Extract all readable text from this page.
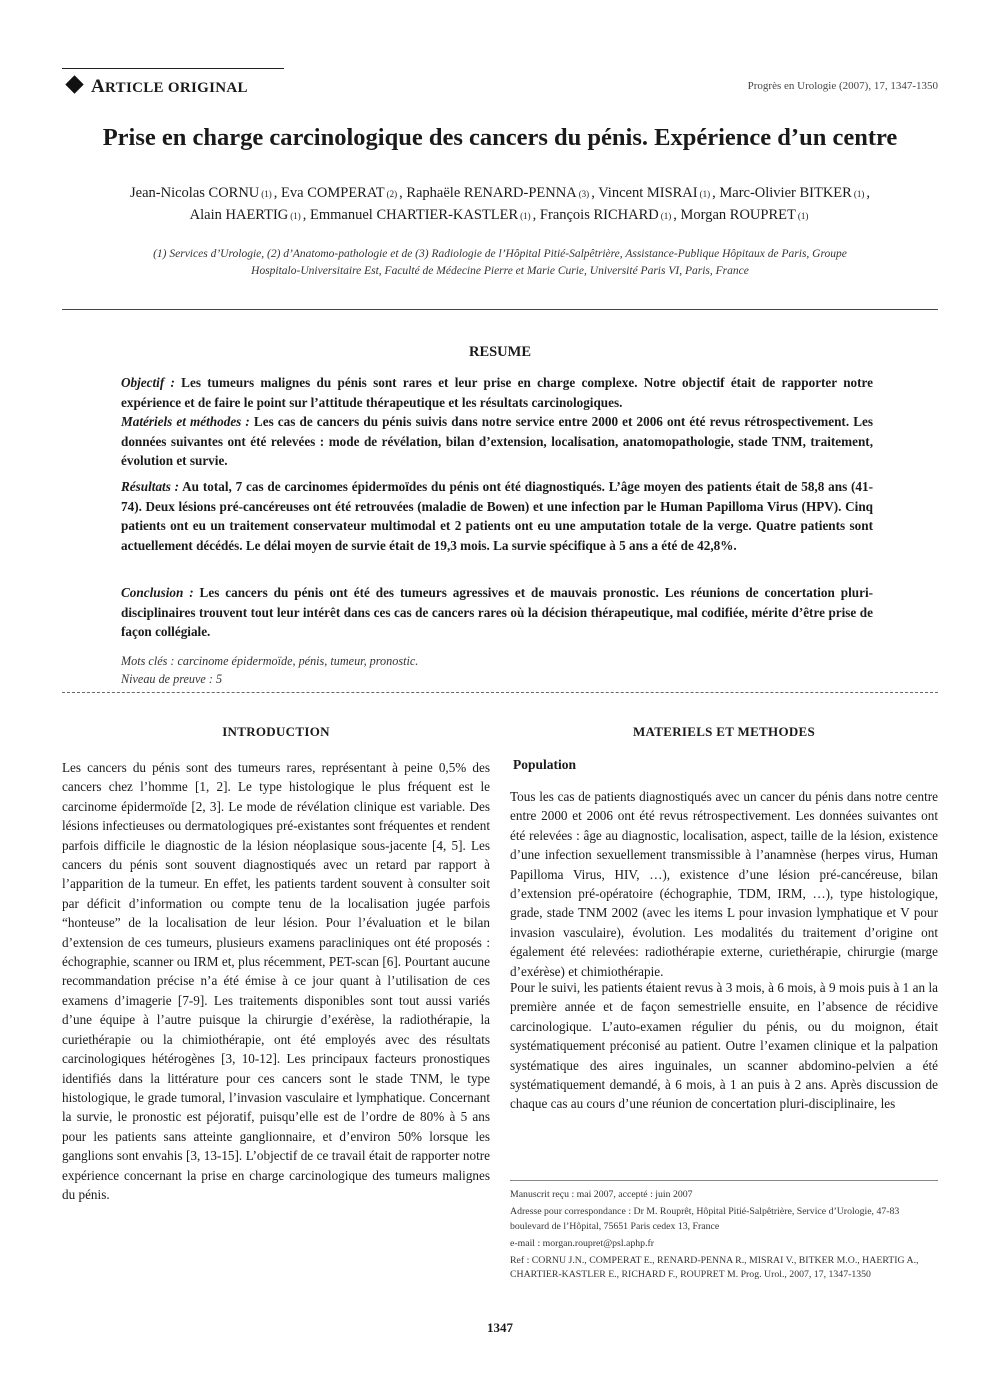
ARTICLE ORIGINAL	Progrès en Urologie (2007), 17, 1347-1350
Prise en charge carcinologique des cancers du pénis. Expérience d’un centre
Jean-Nicolas CORNU (1) , Eva COMPERAT (2) , Raphaële RENARD-PENNA (3) , Vincent MISRAI (1) , Marc-Olivier BITKER (1) ,
Alain HAERTIG (1) , Emmanuel CHARTIER-KASTLER (1) , François RICHARD (1) , Morgan ROUPRET (1)
(1) Services d’Urologie, (2) d’Anatomo-pathologie et de (3) Radiologie de l’Hôpital Pitié-Salpêtrière, Assistance-Publique Hôpitaux de Paris, Groupe
Hospitalo-Universitaire Est, Faculté de Médecine Pierre et Marie Curie, Université Paris VI, Paris, France
RESUME
Objectif : Les tumeurs malignes du pénis sont rares et leur prise en charge complexe. Notre objectif était de rapporter notre expérience et de faire le point sur l’attitude thérapeutique et les résultats carcinologiques.
Matériels et méthodes : Les cas de cancers du pénis suivis dans notre service entre 2000 et 2006 ont été revus rétrospectivement. Les données suivantes ont été relevées : mode de révélation, bilan d’extension, localisation, anatomopathologie, stade TNM, traitement, évolution et survie.
Résultats : Au total, 7 cas de carcinomes épidermoïdes du pénis ont été diagnostiqués. L’âge moyen des patients était de 58,8 ans (41-74). Deux lésions pré-cancéreuses ont été retrouvées (maladie de Bowen) et une infection par le Human Papilloma Virus (HPV). Cinq patients ont eu un traitement conservateur multimodal et 2 patients ont eu une amputation totale de la verge. Quatre patients sont actuellement décédés. Le délai moyen de survie était de 19,3 mois. La survie spécifique à 5 ans a été de 42,8%.
Conclusion : Les cancers du pénis ont été des tumeurs agressives et de mauvais pronostic. Les réunions de concertation pluri-disciplinaires trouvent tout leur intérêt dans ces cas de cancers rares où la décision thérapeutique, mal codifiée, mérite d’être prise de façon collégiale.
Mots clés : carcinome épidermoïde, pénis, tumeur, pronostic.
Niveau de preuve : 5
INTRODUCTION
Les cancers du pénis sont des tumeurs rares, représentant à peine 0,5% des cancers chez l’homme [1, 2]. Le type histologique le plus fréquent est le carcinome épidermoïde [2, 3]. Le mode de révélation clinique est variable. Des lésions infectieuses ou dermatologiques pré-existantes sont fréquentes et rendent parfois difficile le diagnostic de la lésion néoplasique sous-jacente [4, 5]. Les cancers du pénis sont souvent diagnostiqués avec un retard par rapport à l’apparition de la tumeur. En effet, les patients tardent souvent à consulter soit par déficit d’information ou compte tenu de la localisation jugée parfois “honteuse” de la localisation de leur lésion. Pour l’évaluation et le bilan d’extension de ces tumeurs, plusieurs examens paracliniques ont été proposés : échographie, scanner ou IRM et, plus récemment, PET-scan [6]. Pourtant aucune recommandation précise n’a été émise à ce jour quant à l’utilisation de ces examens d’imagerie [7-9]. Les traitements disponibles sont tout aussi variés d’une équipe à l’autre puisque la chirurgie d’exérèse, la radiothérapie, la curiethérapie ou la chimiothérapie, ont été employés avec des résultats carcinologiques hétérogènes [3, 10-12]. Les principaux facteurs pronostiques identifiés dans la littérature pour ces cancers sont le stade TNM, le type histologique, le grade tumoral, l’invasion vasculaire et lymphatique. Concernant la survie, le pronostic est péjoratif, puisqu’elle est de l’ordre de 80% à 5 ans pour les patients sans atteinte ganglionnaire, et d’environ 50% lorsque les ganglions sont envahis [3, 13-15]. L’objectif de ce travail était de rapporter notre expérience concernant la prise en charge carcinologique des tumeurs malignes du pénis.
MATERIELS ET METHODES
Population
Tous les cas de patients diagnostiqués avec un cancer du pénis dans notre centre entre 2000 et 2006 ont été revus rétrospectivement. Les données suivantes ont été relevées : âge au diagnostic, localisation, aspect, taille de la lésion, existence d’une infection sexuellement transmissible à l’anamnèse (herpes virus, Human Papilloma Virus, HIV, …), existence d’une lésion pré-cancéreuse, bilan d’extension pré-opératoire (échographie, TDM, IRM, …), type histologique, grade, stade TNM 2002 (avec les items L pour invasion lymphatique et V pour invasion vasculaire), évolution. Les modalités du traitement d’origine ont également été relevées: radiothérapie externe, curiethérapie, chirurgie (marge d’exérèse) et chimiothérapie.
Pour le suivi, les patients étaient revus à 3 mois, à 6 mois, à 9 mois puis à 1 an la première année et de façon semestrielle ensuite, en l’absence de récidive carcinologique. L’auto-examen régulier du pénis, ou du moignon, était systématiquement préconisé au patient. Outre l’examen clinique et la palpation systématique des aires inguinales, un scanner abdomino-pelvien a été systématiquement demandé, à 6 mois, à 1 an puis à 2 ans. Après discussion de chaque cas au cours d’une réunion de concertation pluri-disciplinaire, les
Manuscrit reçu : mai 2007, accepté : juin 2007
Adresse pour correspondance : Dr M. Rouprêt, Hôpital Pitié-Salpêtrière, Service d’Urologie, 47-83 boulevard de l’Hôpital, 75651 Paris cedex 13, France
e-mail : morgan.roupret@psl.aphp.fr
Ref : CORNU J.N., COMPERAT E., RENARD-PENNA R., MISRAI V., BITKER M.O., HAERTIG A., CHARTIER-KASTLER E., RICHARD F., ROUPRET M. Prog. Urol., 2007, 17, 1347-1350
1347
